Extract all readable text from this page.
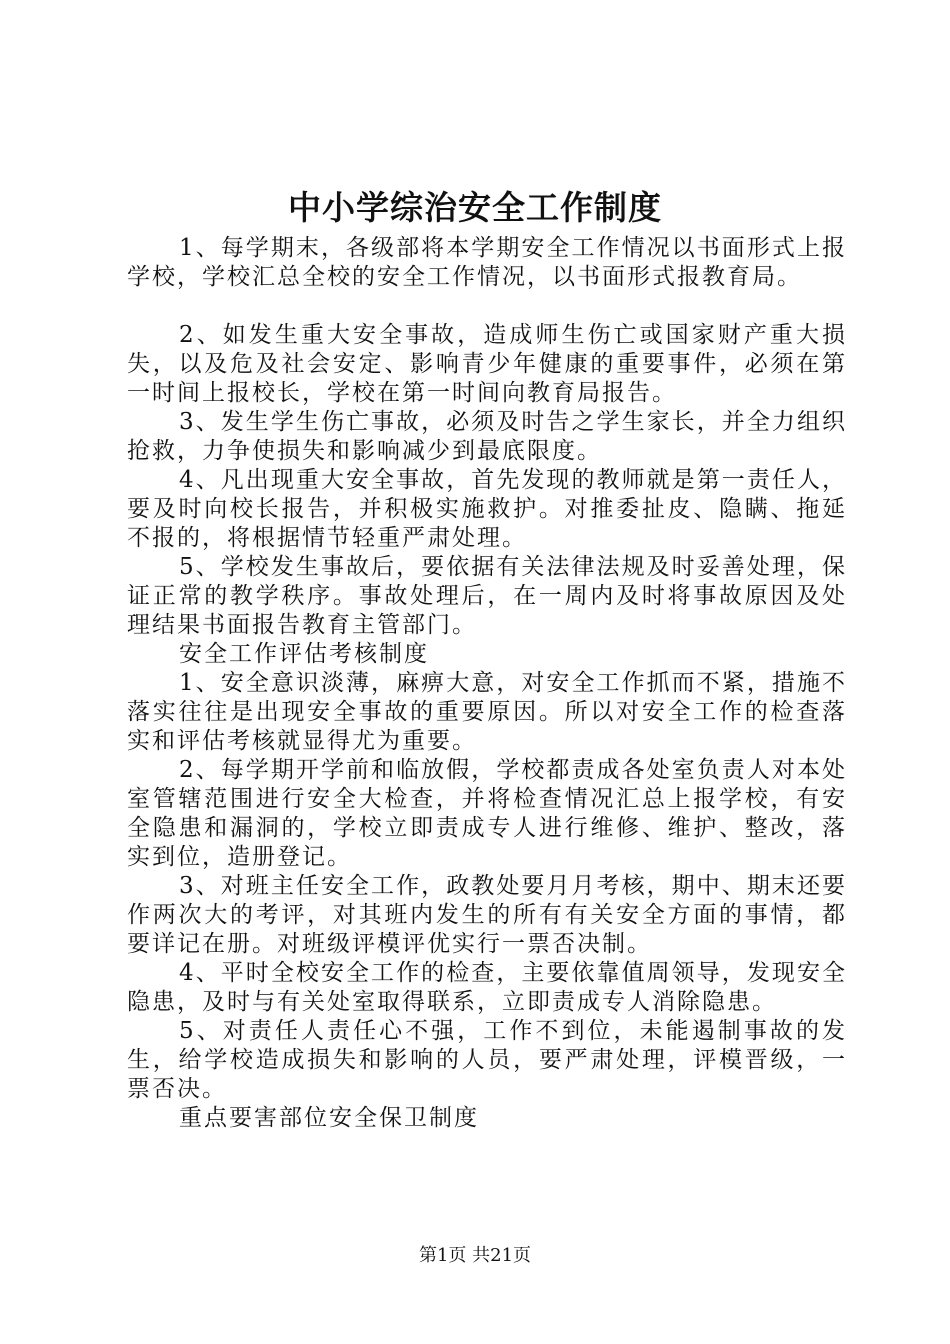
中小学综治安全工作制度

1、每学期末，各级部将本学期安全工作情况以书面形式上报学校，学校汇总全校的安全工作情况，以书面形式报教育局。

2、如发生重大安全事故，造成师生伤亡或国家财产重大损失，以及危及社会安定、影响青少年健康的重要事件，必须在第一时间上报校长，学校在第一时间向教育局报告。

3、发生学生伤亡事故，必须及时告之学生家长，并全力组织抢救，力争使损失和影响减少到最底限度。

4、凡出现重大安全事故，首先发现的教师就是第一责任人，要及时向校长报告，并积极实施救护。对推委扯皮、隐瞒、拖延不报的，将根据情节轻重严肃处理。

5、学校发生事故后，要依据有关法律法规及时妥善处理，保证正常的教学秩序。事故处理后，在一周内及时将事故原因及处理结果书面报告教育主管部门。

安全工作评估考核制度

1、安全意识淡薄，麻痹大意，对安全工作抓而不紧，措施不落实往往是出现安全事故的重要原因。所以对安全工作的检查落实和评估考核就显得尤为重要。

2、每学期开学前和临放假，学校都责成各处室负责人对本处室管辖范围进行安全大检查，并将检查情况汇总上报学校，有安全隐患和漏洞的，学校立即责成专人进行维修、维护、整改，落实到位，造册登记。

3、对班主任安全工作，政教处要月月考核，期中、期末还要作两次大的考评，对其班内发生的所有有关安全方面的事情，都要详记在册。对班级评模评优实行一票否决制。

4、平时全校安全工作的检查，主要依靠值周领导，发现安全隐患，及时与有关处室取得联系，立即责成专人消除隐患。

5、对责任人责任心不强，工作不到位，未能遏制事故的发生，给学校造成损失和影响的人员，要严肃处理，评模晋级，一票否决。

重点要害部位安全保卫制度

第1页 共21页
